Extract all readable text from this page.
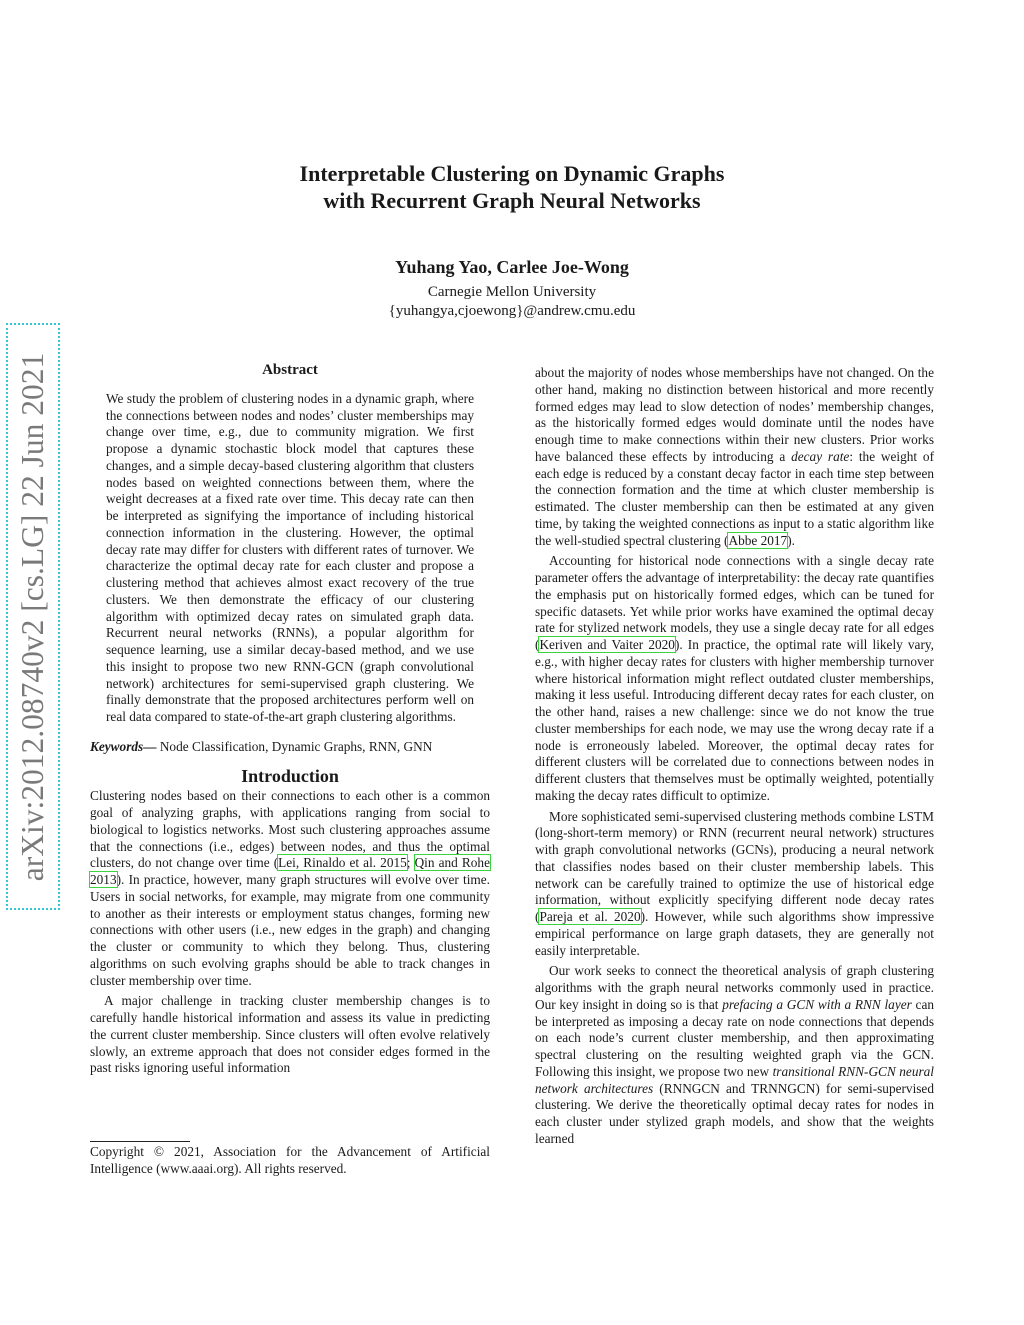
arXiv:2012.08740v2 [cs.LG] 22 Jun 2021
Interpretable Clustering on Dynamic Graphs
with Recurrent Graph Neural Networks
Yuhang Yao, Carlee Joe-Wong
Carnegie Mellon University
{yuhangya,cjoewong}@andrew.cmu.edu
Abstract

We study the problem of clustering nodes in a dynamic graph, where the connections between nodes and nodes’ cluster memberships may change over time, e.g., due to community migration. We first propose a dynamic stochastic block model that captures these changes, and a simple decay-based clustering algorithm that clusters nodes based on weighted connections between them, where the weight decreases at a fixed rate over time. This decay rate can then be interpreted as signifying the importance of including historical connection information in the clustering. However, the optimal decay rate may differ for clusters with different rates of turnover. We characterize the optimal decay rate for each cluster and propose a clustering method that achieves almost exact recovery of the true clusters. We then demonstrate the efficacy of our clustering algorithm with optimized decay rates on simulated graph data. Recurrent neural networks (RNNs), a popular algorithm for sequence learning, use a similar decay-based method, and we use this insight to propose two new RNN-GCN (graph convolutional network) architectures for semi-supervised graph clustering. We finally demonstrate that the proposed architectures perform well on real data compared to state-of-the-art graph clustering algorithms.

Keywords— Node Classification, Dynamic Graphs, RNN, GNN

Introduction

Clustering nodes based on their connections to each other is a common goal of analyzing graphs, with applications ranging from social to biological to logistics networks. Most such clustering approaches assume that the connections (i.e., edges) between nodes, and thus the optimal clusters, do not change over time (Lei, Rinaldo et al. 2015; Qin and Rohe 2013). In practice, however, many graph structures will evolve over time. Users in social networks, for example, may migrate from one community to another as their interests or employment status changes, forming new connections with other users (i.e., new edges in the graph) and changing the cluster or community to which they belong. Thus, clustering algorithms on such evolving graphs should be able to track changes in cluster membership over time.

A major challenge in tracking cluster membership changes is to carefully handle historical information and assess its value in predicting the current cluster membership. Since clusters will often evolve relatively slowly, an extreme approach that does not consider edges formed in the past risks ignoring useful information

Copyright © 2021, Association for the Advancement of Artificial Intelligence (www.aaai.org). All rights reserved.

about the majority of nodes whose memberships have not changed. On the other hand, making no distinction between historical and more recently formed edges may lead to slow detection of nodes’ membership changes, as the historically formed edges would dominate until the nodes have enough time to make connections within their new clusters. Prior works have balanced these effects by introducing a decay rate: the weight of each edge is reduced by a constant decay factor in each time step between the connection formation and the time at which cluster membership is estimated. The cluster membership can then be estimated at any given time, by taking the weighted connections as input to a static algorithm like the well-studied spectral clustering (Abbe 2017).

Accounting for historical node connections with a single decay rate parameter offers the advantage of interpretability: the decay rate quantifies the emphasis put on historically formed edges, which can be tuned for specific datasets. Yet while prior works have examined the optimal decay rate for stylized network models, they use a single decay rate for all edges (Keriven and Vaiter 2020). In practice, the optimal rate will likely vary, e.g., with higher decay rates for clusters with higher membership turnover where historical information might reflect outdated cluster memberships, making it less useful. Introducing different decay rates for each cluster, on the other hand, raises a new challenge: since we do not know the true cluster memberships for each node, we may use the wrong decay rate if a node is erroneously labeled. Moreover, the optimal decay rates for different clusters will be correlated due to connections between nodes in different clusters that themselves must be optimally weighted, potentially making the decay rates difficult to optimize.

More sophisticated semi-supervised clustering methods combine LSTM (long-short-term memory) or RNN (recurrent neural network) structures with graph convolutional networks (GCNs), producing a neural network that classifies nodes based on their cluster membership labels. This network can be carefully trained to optimize the use of historical edge information, without explicitly specifying different node decay rates (Pareja et al. 2020). However, while such algorithms show impressive empirical performance on large graph datasets, they are generally not easily interpretable.

Our work seeks to connect the theoretical analysis of graph clustering algorithms with the graph neural networks commonly used in practice. Our key insight in doing so is that prefacing a GCN with a RNN layer can be interpreted as imposing a decay rate on node connections that depends on each node’s current cluster membership, and then approximating spectral clustering on the resulting weighted graph via the GCN. Following this insight, we propose two new transitional RNN-GCN neural network architectures (RNNGCN and TRNNGCN) for semi-supervised clustering. We derive the theoretically optimal decay rates for nodes in each cluster under stylized graph models, and show that the weights learned
